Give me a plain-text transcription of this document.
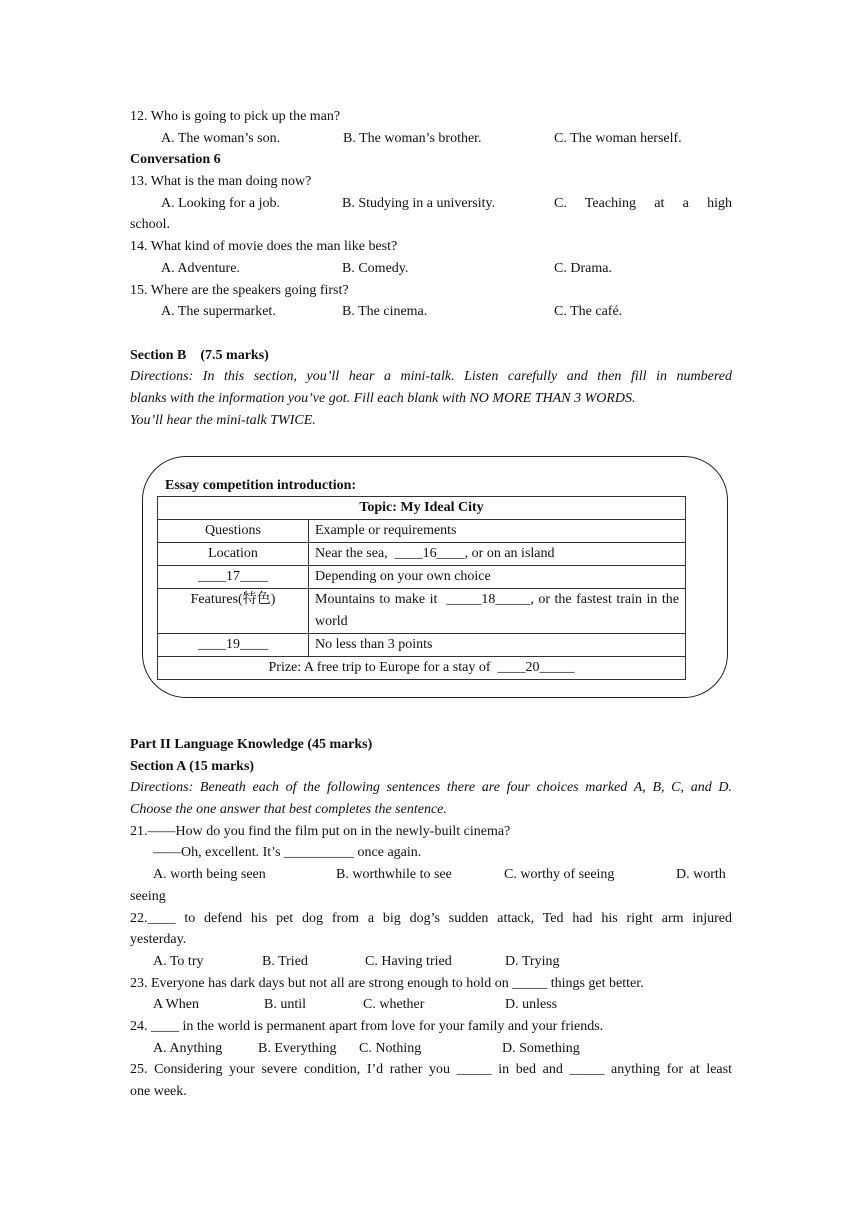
12. Who is going to pick up the man?
A. The woman’s son.	B. The woman’s brother.	C. The woman herself.
Conversation 6
13. What is the man doing now?
A. Looking for a job.	B. Studying in a university.	C.   Teaching   at   a   high
school.
14. What kind of movie does the man like best?
A. Adventure.	B. Comedy.	C. Drama.
15. Where are the speakers going first?
A. The supermarket.	B. The cinema.	C. The café.
Section B    (7.5 marks)
Directions: In this section, you’ll hear a mini-talk. Listen carefully and then fill in numbered
blanks with the information you’ve got. Fill each blank with NO MORE THAN 3 WORDS.
You’ll hear the mini-talk TWICE.
Essay competition introduction:
Topic: My Ideal City	
Questions	Example or requirements
Location	Near the sea,  ____16____, or on an island
____17____	Depending on your own choice
Features(特色)	Mountains to make it  _____18_____, or the fastest train in the world
____19____	No less than 3 points
Prize: A free trip to Europe for a stay of  ____20_____	
Part II Language Knowledge (45 marks)
Section A (15 marks)
Directions: Beneath each of the following sentences there are four choices marked A, B, C, and D.
Choose the one answer that best completes the sentence.
21.——How do you find the film put on in the newly-built cinema?
——Oh, excellent. It’s __________ once again.
A. worth being seen	B. worthwhile to see	C. worthy of seeing	D. worth
seeing
22.____ to defend his pet dog from a big dog’s sudden attack, Ted had his right arm injured
yesterday.
A. To try	B. Tried	C. Having tried	D. Trying
23. Everyone has dark days but not all are strong enough to hold on _____ things get better.
A When	B. until	C. whether	D. unless
24. ____ in the world is permanent apart from love for your family and your friends.
A. Anything	B. Everything C. Nothing	D. Something
25. Considering your severe condition, I’d rather you _____ in bed and _____ anything for at least
one week.
